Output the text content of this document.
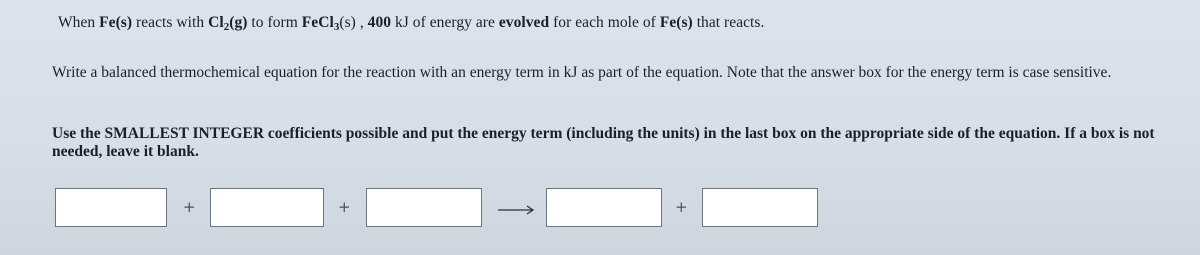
When Fe(s) reacts with Cl2(g) to form FeCl3(s) , 400 kJ of energy are evolved for each mole of Fe(s) that reacts.
Write a balanced thermochemical equation for the reaction with an energy term in kJ as part of the equation. Note that the answer box for the energy term is case sensitive.
Use the SMALLEST INTEGER coefficients possible and put the energy term (including the units) in the last box on the appropriate side of the equation. If a box is not needed, leave it blank.
+	+	+
